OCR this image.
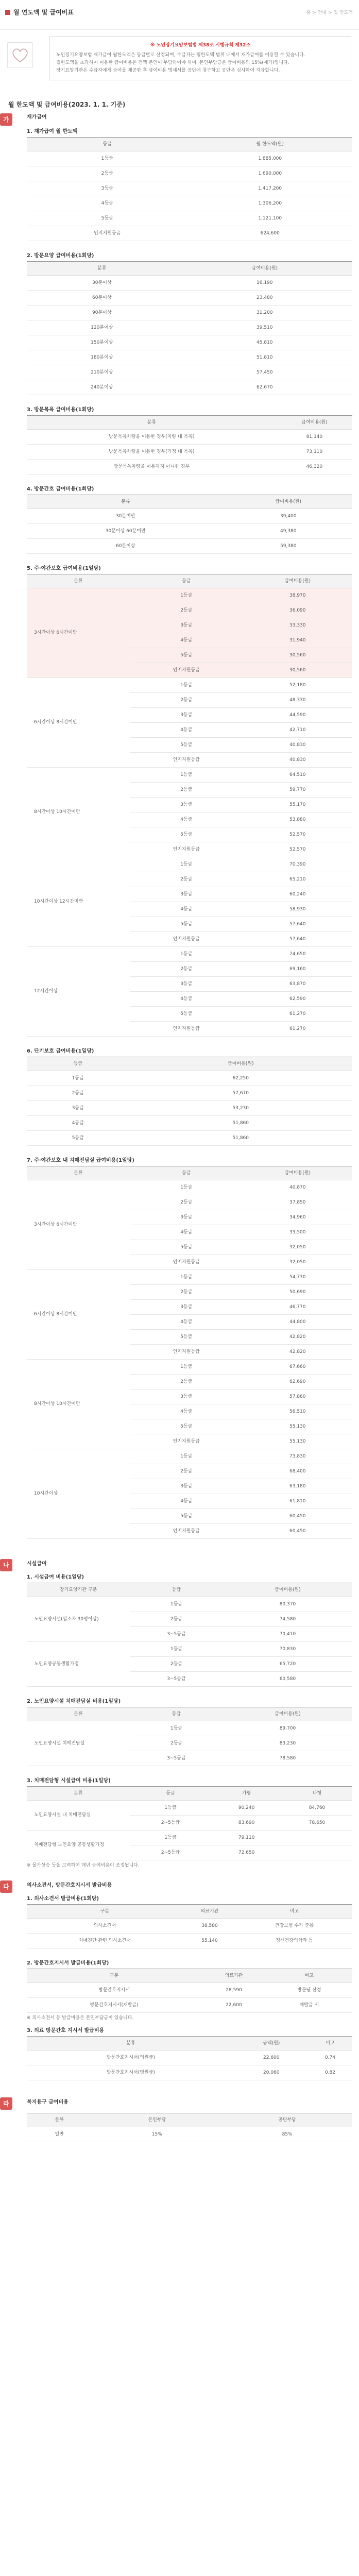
월 연도액 및 급여비표	홈 > 안내 > 월 연도액
※ 노인장기요양보험법 제38조 시행규칙 제32조
노인장기요양보험 재가급여 월한도액은 등급별로 산정되며, 수급자는 월한도액 범위 내에서 재가급여를 이용할 수 있습니다.
월한도액을 초과하여 이용한 급여비용은 전액 본인이 부담하여야 하며, 본인부담금은 급여비용의 15%(재가)입니다.
장기요양기관은 수급자에게 급여를 제공한 후 급여비용 명세서를 공단에 청구하고 공단은 심사하여 지급합니다.
월 한도액 및 급여비용(2023. 1. 1. 기준)
가	재가급여
1. 재가급여 월 한도액
등급	월 한도액(원)
1등급	1,885,000
2등급	1,690,000
3등급	1,417,200
4등급	1,306,200
5등급	1,121,100
인지지원등급	624,600
2. 방문요양 급여비용(1회당)
분류	급여비용(원)
30분이상	16,190
60분이상	23,480
90분이상	31,200
120분이상	39,510
150분이상	45,810
180분이상	51,810
210분이상	57,450
240분이상	62,670
3. 방문목욕 급여비용(1회당)
분류	급여비용(원)
방문목욕차량을 이용한 경우(차량 내 목욕)	81,140
방문목욕차량을 이용한 경우(가정 내 목욕)	73,110
방문목욕차량을 이용하지 아니한 경우	46,320
4. 방문간호 급여비용(1회당)
분류	급여비용(원)
30분미만	39,400
30분이상 60분미만	49,380
60분이상	59,380
5. 주·야간보호 급여비용(1일당)
분류	등급	급여비용(원)
3시간이상 6시간미만	1등급	38,970
	2등급	36,090
	3등급	33,330
	4등급	31,940
	5등급	30,560
	인지지원등급	30,560
6시간이상 8시간미만	1등급	52,180
	2등급	48,330
	3등급	44,590
	4등급	42,710
	5등급	40,830
	인지지원등급	40,830
8시간이상 10시간미만	1등급	64,510
	2등급	59,770
	3등급	55,170
	4등급	53,880
	5등급	52,570
	인지지원등급	52,570
10시간이상 12시간미만	1등급	70,390
	2등급	65,210
	3등급	60,240
	4등급	58,930
	5등급	57,640
	인지지원등급	57,640
12시간이상	1등급	74,650
	2등급	69,160
	3등급	63,870
	4등급	62,590
	5등급	61,270
	인지지원등급	61,270
6. 단기보호 급여비용(1일당)
등급	급여비용(원)
1등급	62,250
2등급	57,670
3등급	53,230
4등급	51,860
5등급	51,860
7. 주·야간보호 내 치매전담실 급여비용(1일당)
분류	등급	급여비용(원)
3시간이상 6시간미만	1등급	40,870
	2등급	37,850
	3등급	34,960
	4등급	33,500
	5등급	32,050
	인지지원등급	32,050
6시간이상 8시간미만	1등급	54,730
	2등급	50,690
	3등급	46,770
	4등급	44,800
	5등급	42,820
	인지지원등급	42,820
8시간이상 10시간미만	1등급	67,660
	2등급	62,690
	3등급	57,860
	4등급	56,510
	5등급	55,130
	인지지원등급	55,130
10시간이상	1등급	73,830
	2등급	68,400
	3등급	63,180
	4등급	61,810
	5등급	60,450
	인지지원등급	60,450
나	시설급여
1. 시설급여 비용(1일당)
장기요양기관 구분	등급	급여비용(원)
노인요양시설(입소자 30명이상)	1등급	80,370
	2등급	74,580
	3~5등급	70,410
노인요양공동생활가정	1등급	70,830
	2등급	65,720
	3~5등급	60,580
2. 노인요양시설 치매전담실 비용(1일당)
분류	등급	급여비용(원)
노인요양시설 치매전담실	1등급	89,700
	2등급	83,230
	3~5등급	78,580
3. 치매전담형 시설급여 비용(1일당)
분류	등급	가형	나형
노인요양시설 내 치매전담실	1등급	90,240	84,760
	2~5등급	83,690	78,650
치매전담형 노인요양 공동생활가정	1등급	79,110	
	2~5등급	72,650	
※ 물가상승 등을 고려하여 매년 급여비용이 조정됩니다.
다	의사소견서, 방문간호지시서 발급비용
1. 의사소견서 발급비용(1회당)
구분	의료기관	비고
의사소견서	38,580	건강보험 수가 준용
치매진단 관련 의사소견서	55,140	정신건강의학과 등
2. 방문간호지시서 발급비용(1회당)
구분	의료기관	비고
방문간호지시서	28,590	방문당 산정
방문간호지시서(재발급)	22,600	재발급 시
※ 의사소견서 등 발급비용은 본인부담금이 있습니다.
3. 의료 방문간호 지시서 발급비용
분류	금액(원)	비고
방문간호지시서(의원급)	22,600	0.74
방문간호지시서(병원급)	20,060	0.82
라	복지용구 급여비용
분류	본인부담	공단부담
일반	15%	85%
